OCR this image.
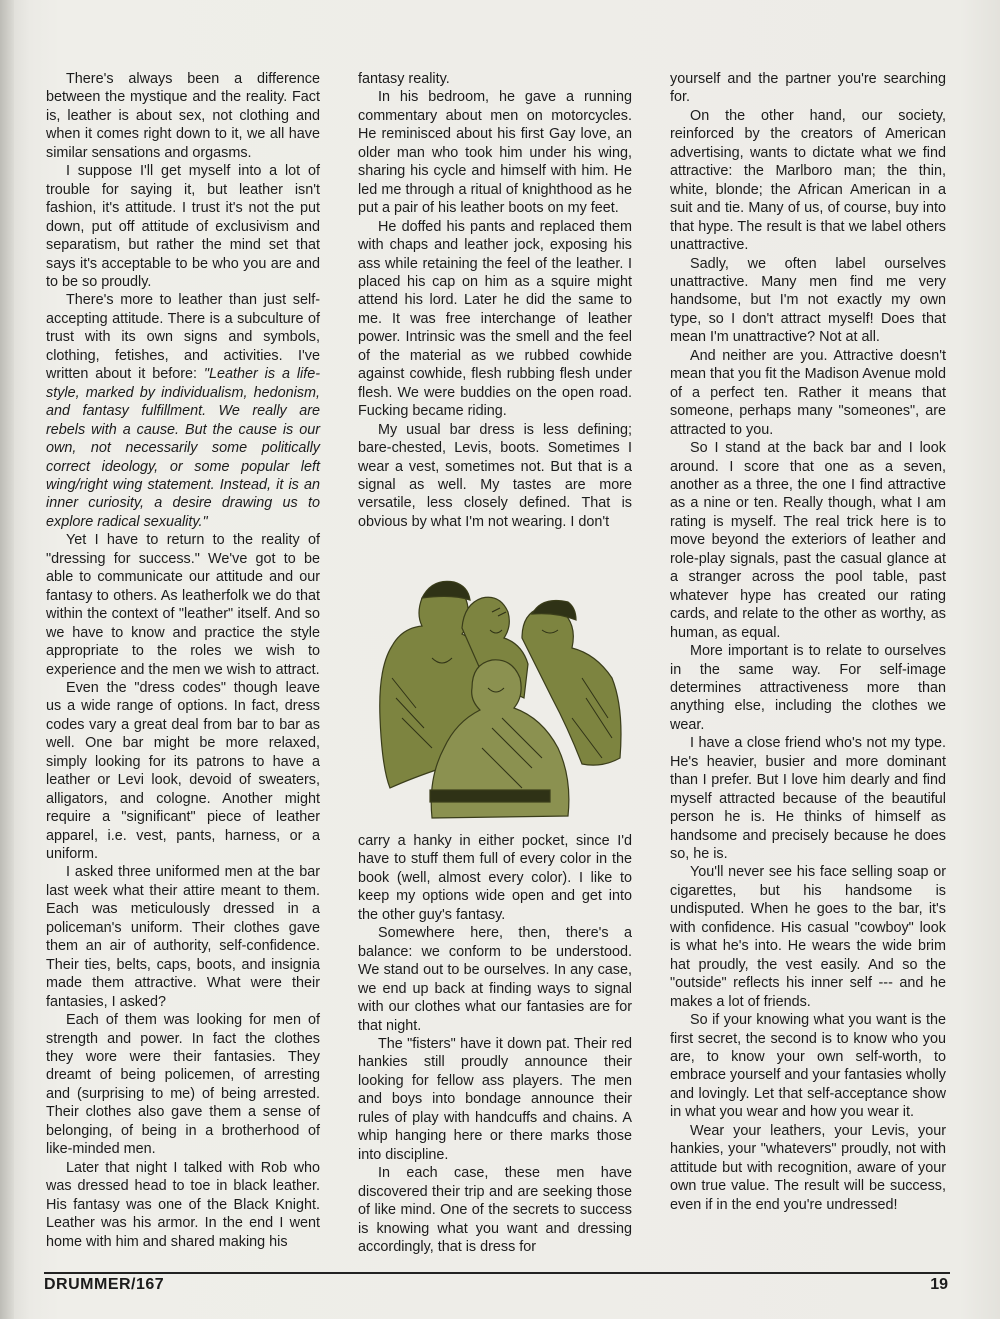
There's always been a difference between the mystique and the reality. Fact is, leather is about sex, not clothing and when it comes right down to it, we all have similar sensations and orgasms.

I suppose I'll get myself into a lot of trouble for saying it, but leather isn't fashion, it's attitude. I trust it's not the put down, put off attitude of exclusivism and separatism, but rather the mind set that says it's acceptable to be who you are and to be so proudly.

There's more to leather than just self-accepting attitude. There is a subculture of trust with its own signs and symbols, clothing, fetishes, and activities. I've written about it before: "Leather is a life-style, marked by individualism, hedonism, and fantasy fulfillment. We really are rebels with a cause. But the cause is our own, not necessarily some politically correct ideology, or some popular left wing/right wing statement. Instead, it is an inner curiosity, a desire drawing us to explore radical sexuality."

Yet I have to return to the reality of "dressing for success." We've got to be able to communicate our attitude and our fantasy to others. As leatherfolk we do that within the context of "leather" itself. And so we have to know and practice the style appropriate to the roles we wish to experience and the men we wish to attract.

Even the "dress codes" though leave us a wide range of options. In fact, dress codes vary a great deal from bar to bar as well. One bar might be more relaxed, simply looking for its patrons to have a leather or Levi look, devoid of sweaters, alligators, and cologne. Another might require a "significant" piece of leather apparel, i.e. vest, pants, harness, or a uniform.

I asked three uniformed men at the bar last week what their attire meant to them. Each was meticulously dressed in a policeman's uniform. Their clothes gave them an air of authority, self-confidence. Their ties, belts, caps, boots, and insignia made them attractive. What were their fantasies, I asked?

Each of them was looking for men of strength and power. In fact the clothes they wore were their fantasies. They dreamt of being policemen, of arresting and (surprising to me) of being arrested. Their clothes also gave them a sense of belonging, of being in a brotherhood of like-minded men.

Later that night I talked with Rob who was dressed head to toe in black leather. His fantasy was one of the Black Knight. Leather was his armor. In the end I went home with him and shared making his

fantasy reality.

In his bedroom, he gave a running commentary about men on motorcycles. He reminisced about his first Gay love, an older man who took him under his wing, sharing his cycle and himself with him. He led me through a ritual of knighthood as he put a pair of his leather boots on my feet.

He doffed his pants and replaced them with chaps and leather jock, exposing his ass while retaining the feel of the leather. I placed his cap on him as a squire might attend his lord. Later he did the same to me. It was free interchange of leather power. Intrinsic was the smell and the feel of the material as we rubbed cowhide against cowhide, flesh rubbing flesh under flesh. We were buddies on the open road. Fucking became riding.

My usual bar dress is less defining; bare-chested, Levis, boots. Sometimes I wear a vest, sometimes not. But that is a signal as well. My tastes are more versatile, less closely defined. That is obvious by what I'm not wearing. I don't

carry a hanky in either pocket, since I'd have to stuff them full of every color in the book (well, almost every color). I like to keep my options wide open and get into the other guy's fantasy.

Somewhere here, then, there's a balance: we conform to be understood. We stand out to be ourselves. In any case, we end up back at finding ways to signal with our clothes what our fantasies are for that night.

The "fisters" have it down pat. Their red hankies still proudly announce their looking for fellow ass players. The men and boys into bondage announce their rules of play with handcuffs and chains. A whip hanging here or there marks those into discipline.

In each case, these men have discovered their trip and are seeking those of like mind. One of the secrets to success is knowing what you want and dressing accordingly, that is dress for

yourself and the partner you're searching for.

On the other hand, our society, reinforced by the creators of American advertising, wants to dictate what we find attractive: the Marlboro man; the thin, white, blonde; the African American in a suit and tie. Many of us, of course, buy into that hype. The result is that we label others unattractive.

Sadly, we often label ourselves unattractive. Many men find me very handsome, but I'm not exactly my own type, so I don't attract myself! Does that mean I'm unattractive? Not at all.

And neither are you. Attractive doesn't mean that you fit the Madison Avenue mold of a perfect ten. Rather it means that someone, perhaps many "someones", are attracted to you.

So I stand at the back bar and I look around. I score that one as a seven, another as a three, the one I find attractive as a nine or ten. Really though, what I am rating is myself. The real trick here is to move beyond the exteriors of leather and role-play signals, past the casual glance at a stranger across the pool table, past whatever hype has created our rating cards, and relate to the other as worthy, as human, as equal.

More important is to relate to ourselves in the same way. For self-image determines attractiveness more than anything else, including the clothes we wear.

I have a close friend who's not my type. He's heavier, busier and more dominant than I prefer. But I love him dearly and find myself attracted because of the beautiful person he is. He thinks of himself as handsome and precisely because he does so, he is.

You'll never see his face selling soap or cigarettes, but his handsome is undisputed. When he goes to the bar, it's with confidence. His casual "cowboy" look is what he's into. He wears the wide brim hat proudly, the vest easily. And so the "outside" reflects his inner self --- and he makes a lot of friends.

So if your knowing what you want is the first secret, the second is to know who you are, to know your own self-worth, to embrace yourself and your fantasies wholly and lovingly. Let that self-acceptance show in what you wear and how you wear it.

Wear your leathers, your Levis, your hankies, your "whatevers" proudly, not with attitude but with recognition, aware of your own true value. The result will be success, even if in the end you're undressed!

DRUMMER/167	19
